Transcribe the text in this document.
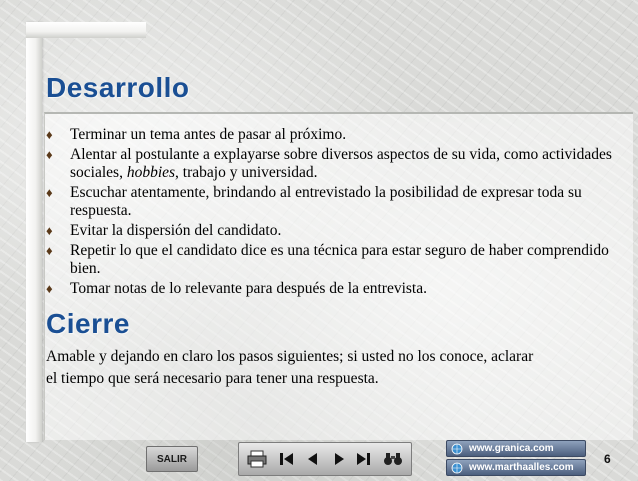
Desarrollo
♦ Terminar un tema antes de pasar al próximo.
♦ Alentar al postulante a explayarse sobre diversos aspectos de su vida, como actividades sociales, hobbies, trabajo y universidad.
♦ Escuchar atentamente, brindando al entrevistado la posibilidad de expresar toda su respuesta.
♦ Evitar la dispersión del candidato.
♦ Repetir lo que el candidato dice es una técnica para estar seguro de haber comprendido bien.
♦ Tomar notas de lo relevante para después de la entrevista.
Cierre

Amable y dejando en claro los pasos siguientes; si usted no los conoce, aclarar el tiempo que será necesario para tener una respuesta.

SALIR
www.granica.com
www.marthaalles.com
6
